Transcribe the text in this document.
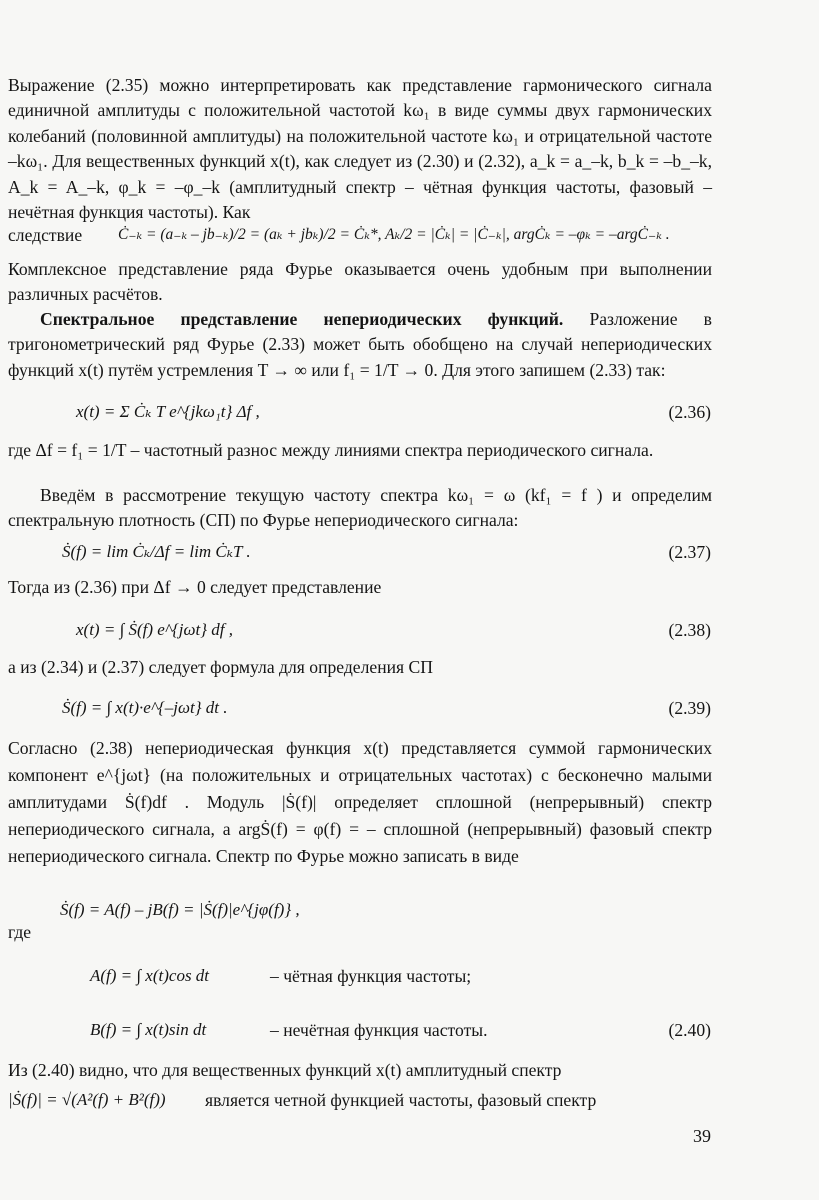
Выражение (2.35) можно интерпретировать как представление гармонического сигнала единичной амплитуды с положительной частотой kω₁ в виде суммы двух гармонических колебаний (половинной амплитуды) на положительной частоте kω₁ и отрицательной частоте –kω₁. Для вещественных функций x(t), как следует из (2.30) и (2.32), a_k = a_–k, b_k = –b_–k, A_k = A_–k, φ_k = –φ_–k (амплитудный спектр – чётная функция частоты, фазовый – нечётная функция частоты). Как

следствие Ċ₋ₖ = (a₋ₖ – jb₋ₖ)/2 = (aₖ + jbₖ)/2 = Ċₖ*, Aₖ/2 = |Ċₖ| = |Ċ₋ₖ|, argĊₖ = –φₖ = –argĊ₋ₖ .

Комплексное представление ряда Фурье оказывается очень удобным при выполнении различных расчётов.

Спектральное представление непериодических функций. Разложение в тригонометрический ряд Фурье (2.33) может быть обобщено на случай непериодических функций x(t) путём устремления T → ∞ или f₁ = 1/T → 0. Для этого запишем (2.33) так:

x(t) = Σ Ċₖ T e^{jkω₁t} Δf ,	(2.36)

где Δf = f₁ = 1/T – частотный разнос между линиями спектра периодического сигнала.

Введём в рассмотрение текущую частоту спектра kω₁ = ω (kf₁ = f ) и определим спектральную плотность (СП) по Фурье непериодического сигнала:

Ṡ(f) = lim Ċₖ/Δf = lim ĊₖT .	(2.37)

Тогда из (2.36) при Δf → 0 следует представление

x(t) = ∫ Ṡ(f) e^{jωt} df ,	(2.38)

а из (2.34) и (2.37) следует формула для определения СП

Ṡ(f) = ∫ x(t)·e^{–jωt} dt .	(2.39)

Согласно (2.38) непериодическая функция x(t) представляется суммой гармонических компонент e^{jωt} (на положительных и отрицательных частотах) с бесконечно малыми амплитудами Ṡ(f)df . Модуль |Ṡ(f)| определяет сплошной (непрерывный) спектр непериодического сигнала, а argṠ(f) = φ(f) = – сплошной (непрерывный) фазовый спектр непериодического сигнала. Спектр по Фурье можно записать в виде

Ṡ(f) = A(f) – jB(f) = |Ṡ(f)|e^{jφ(f)} ,
где
A(f) = ∫ x(t)cos dt	– чётная функция частоты;
B(f) = ∫ x(t)sin dt	– нечётная функция частоты.	(2.40)

Из (2.40) видно, что для вещественных функций x(t) амплитудный спектр

|Ṡ(f)| = √(A²(f) + B²(f)) является четной функцией частоты, фазовый спектр
39
